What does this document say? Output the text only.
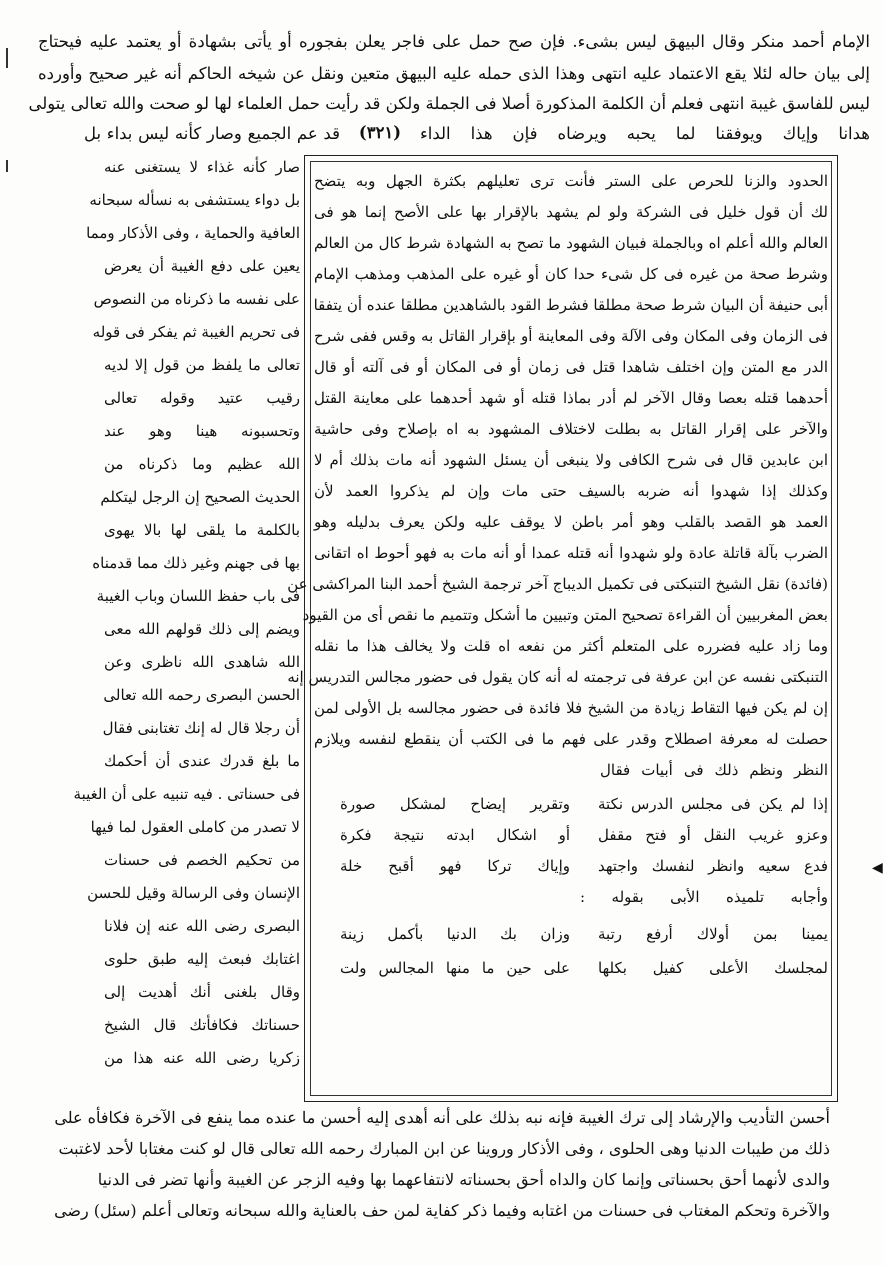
◀
الإمام أحمد منكر وقال البيهق ليس بشىء. فإن صح حمل على فاجر يعلن بفجوره أو يأتى بشهادة أو يعتمد عليه فيحتاج
إلى بيان حاله لئلا يقع الاعتماد عليه انتهى وهذا الذى حمله عليه البيهق متعين ونقل عن شيخه الحاكم أنه غير صحيح وأورده
ليس للفاسق غيبة انتهى فعلم أن الكلمة المذكورة أصلا فى الجملة ولكن قد رأيت حمل العلماء لها لو صحت والله تعالى يتولى
هدانا وإياك ويوفقنا لما يحبه ويرضاه فإن هذا الداء
(٣٢١)
قد عم الجميع وصار كأنه ليس بداء بل
الحدود والزنا للحرص على الستر فأنت ترى تعليلهم بكثرة الجهل وبه يتضح
لك أن قول خليل فى الشركة ولو لم يشهد بالإقرار بها على الأصح إنما هو فى
العالم والله أعلم اه وبالجملة فبيان الشهود ما تصح به الشهادة شرط كال من العالم
وشرط صحة من غيره فى كل شىء حدا كان أو غيره على المذهب ومذهب الإمام
أبى حنيفة أن البيان شرط صحة مطلقا فشرط القود بالشاهدين مطلقا عنده أن يتفقا
فى الزمان وفى المكان وفى الآلة وفى المعاينة أو بإقرار القاتل به وقس ففى شرح
الدر مع المتن وإن اختلف شاهدا قتل فى زمان أو فى المكان أو فى آلته أو قال
أحدهما قتله بعصا وقال الآخر لم أدر بماذا قتله أو شهد أحدهما على معاينة القتل
والآخر على إقرار القاتل به بطلت لاختلاف المشهود به اه بإصلاح وفى حاشية
ابن عابدين قال فى شرح الكافى ولا ينبغى أن يسئل الشهود أنه مات بذلك أم لا
وكذلك إذا شهدوا أنه ضربه بالسيف حتى مات وإن لم يذكروا العمد لأن
العمد هو القصد بالقلب وهو أمر باطن لا يوقف عليه ولكن يعرف بدليله وهو
الضرب بآلة قاتلة عادة ولو شهدوا أنه قتله عمدا أو أنه مات به فهو أحوط اه اتقانى
(فائدة) نقل الشيخ التنبكتى فى تكميل الديباج آخر ترجمة الشيخ أحمد البنا المراكشى عن
بعض المغربيين أن القراءة تصحيح المتن وتبيين ما أشكل وتتميم ما نقص أى من القيود
وما زاد عليه فضرره على المتعلم أكثر من نفعه اه قلت ولا يخالف هذا ما نقله
التنبكتى نفسه عن ابن عرفة فى ترجمته له أنه كان يقول فى حضور مجالس التدريس إنه
إن لم يكن فيها التقاط زيادة من الشيخ فلا فائدة فى حضور مجالسه بل الأولى لمن
حصلت له معرفة اصطلاح وقدر على فهم ما فى الكتب أن ينقطع لنفسه ويلازم
النظر ونظم ذلك فى أبيات فقال
إذا لم يكن فى مجلس الدرس نكتة
وتقرير إيضاح لمشكل صورة
وعزو غريب النقل أو فتح مقفل
أو اشكال ابدته نتيجة فكرة
فدع سعيه وانظر لنفسك واجتهد
وإياك تركا فهو أقبح خلة
وأجابه تلميذه الأبى بقوله :
يمينا بمن أولاك أرفع رتبة
وزان بك الدنيا بأكمل زينة
لمجلسك الأعلى كفيل بكلها
على حين ما منها المجالس ولت
صار كأنه غذاء لا يستغنى عنه
بل دواء يستشفى به نسأله سبحانه
العافية والحماية ، وفى الأذكار ومما
يعين على دفع الغيبة أن يعرض
على نفسه ما ذكرناه من النصوص
فى تحريم الغيبة ثم يفكر فى قوله
تعالى ما يلفظ من قول إلا لديه
رقيب عتيد وقوله تعالى
وتحسبونه هينا وهو عند
الله عظيم وما ذكرناه من
الحديث الصحيح إن الرجل ليتكلم
بالكلمة ما يلقى لها بالا يهوى
بها فى جهنم وغير ذلك مما قدمناه
فى باب حفظ اللسان وباب الغيبة
ويضم إلى ذلك قولهم الله معى
الله شاهدى الله ناظرى وعن
الحسن البصرى رحمه الله تعالى
أن رجلا قال له إنك تغتابنى فقال
ما بلغ قدرك عندى أن أحكمك
فى حسناتى . فيه تنبيه على أن الغيبة
لا تصدر من كاملى العقول لما فيها
من تحكيم الخصم فى حسنات
الإنسان وفى الرسالة وقيل للحسن
البصرى رضى الله عنه إن فلانا
اغتابك فبعث إليه طبق حلوى
وقال بلغنى أنك أهديت إلى
حسناتك فكافأتك قال الشيخ
زكريا رضى الله عنه هذا من
أحسن التأديب والإرشاد إلى ترك الغيبة فإنه نبه بذلك على أنه أهدى إليه أحسن ما عنده مما ينفع فى الآخرة فكافأه على
ذلك من طيبات الدنيا وهى الحلوى ، وفى الأذكار وروينا عن ابن المبارك رحمه الله تعالى قال لو كنت مغتابا لأحد لاغتبت
والدى لأنهما أحق بحسناتى وإنما كان والداه أحق بحسناته لانتفاعهما بها وفيه الزجر عن الغيبة وأنها تضر فى الدنيا
والآخرة وتحكم المغتاب فى حسنات من اغتابه وفيما ذكر كفاية لمن حف بالعناية والله سبحانه وتعالى أعلم (سئل) رضى
